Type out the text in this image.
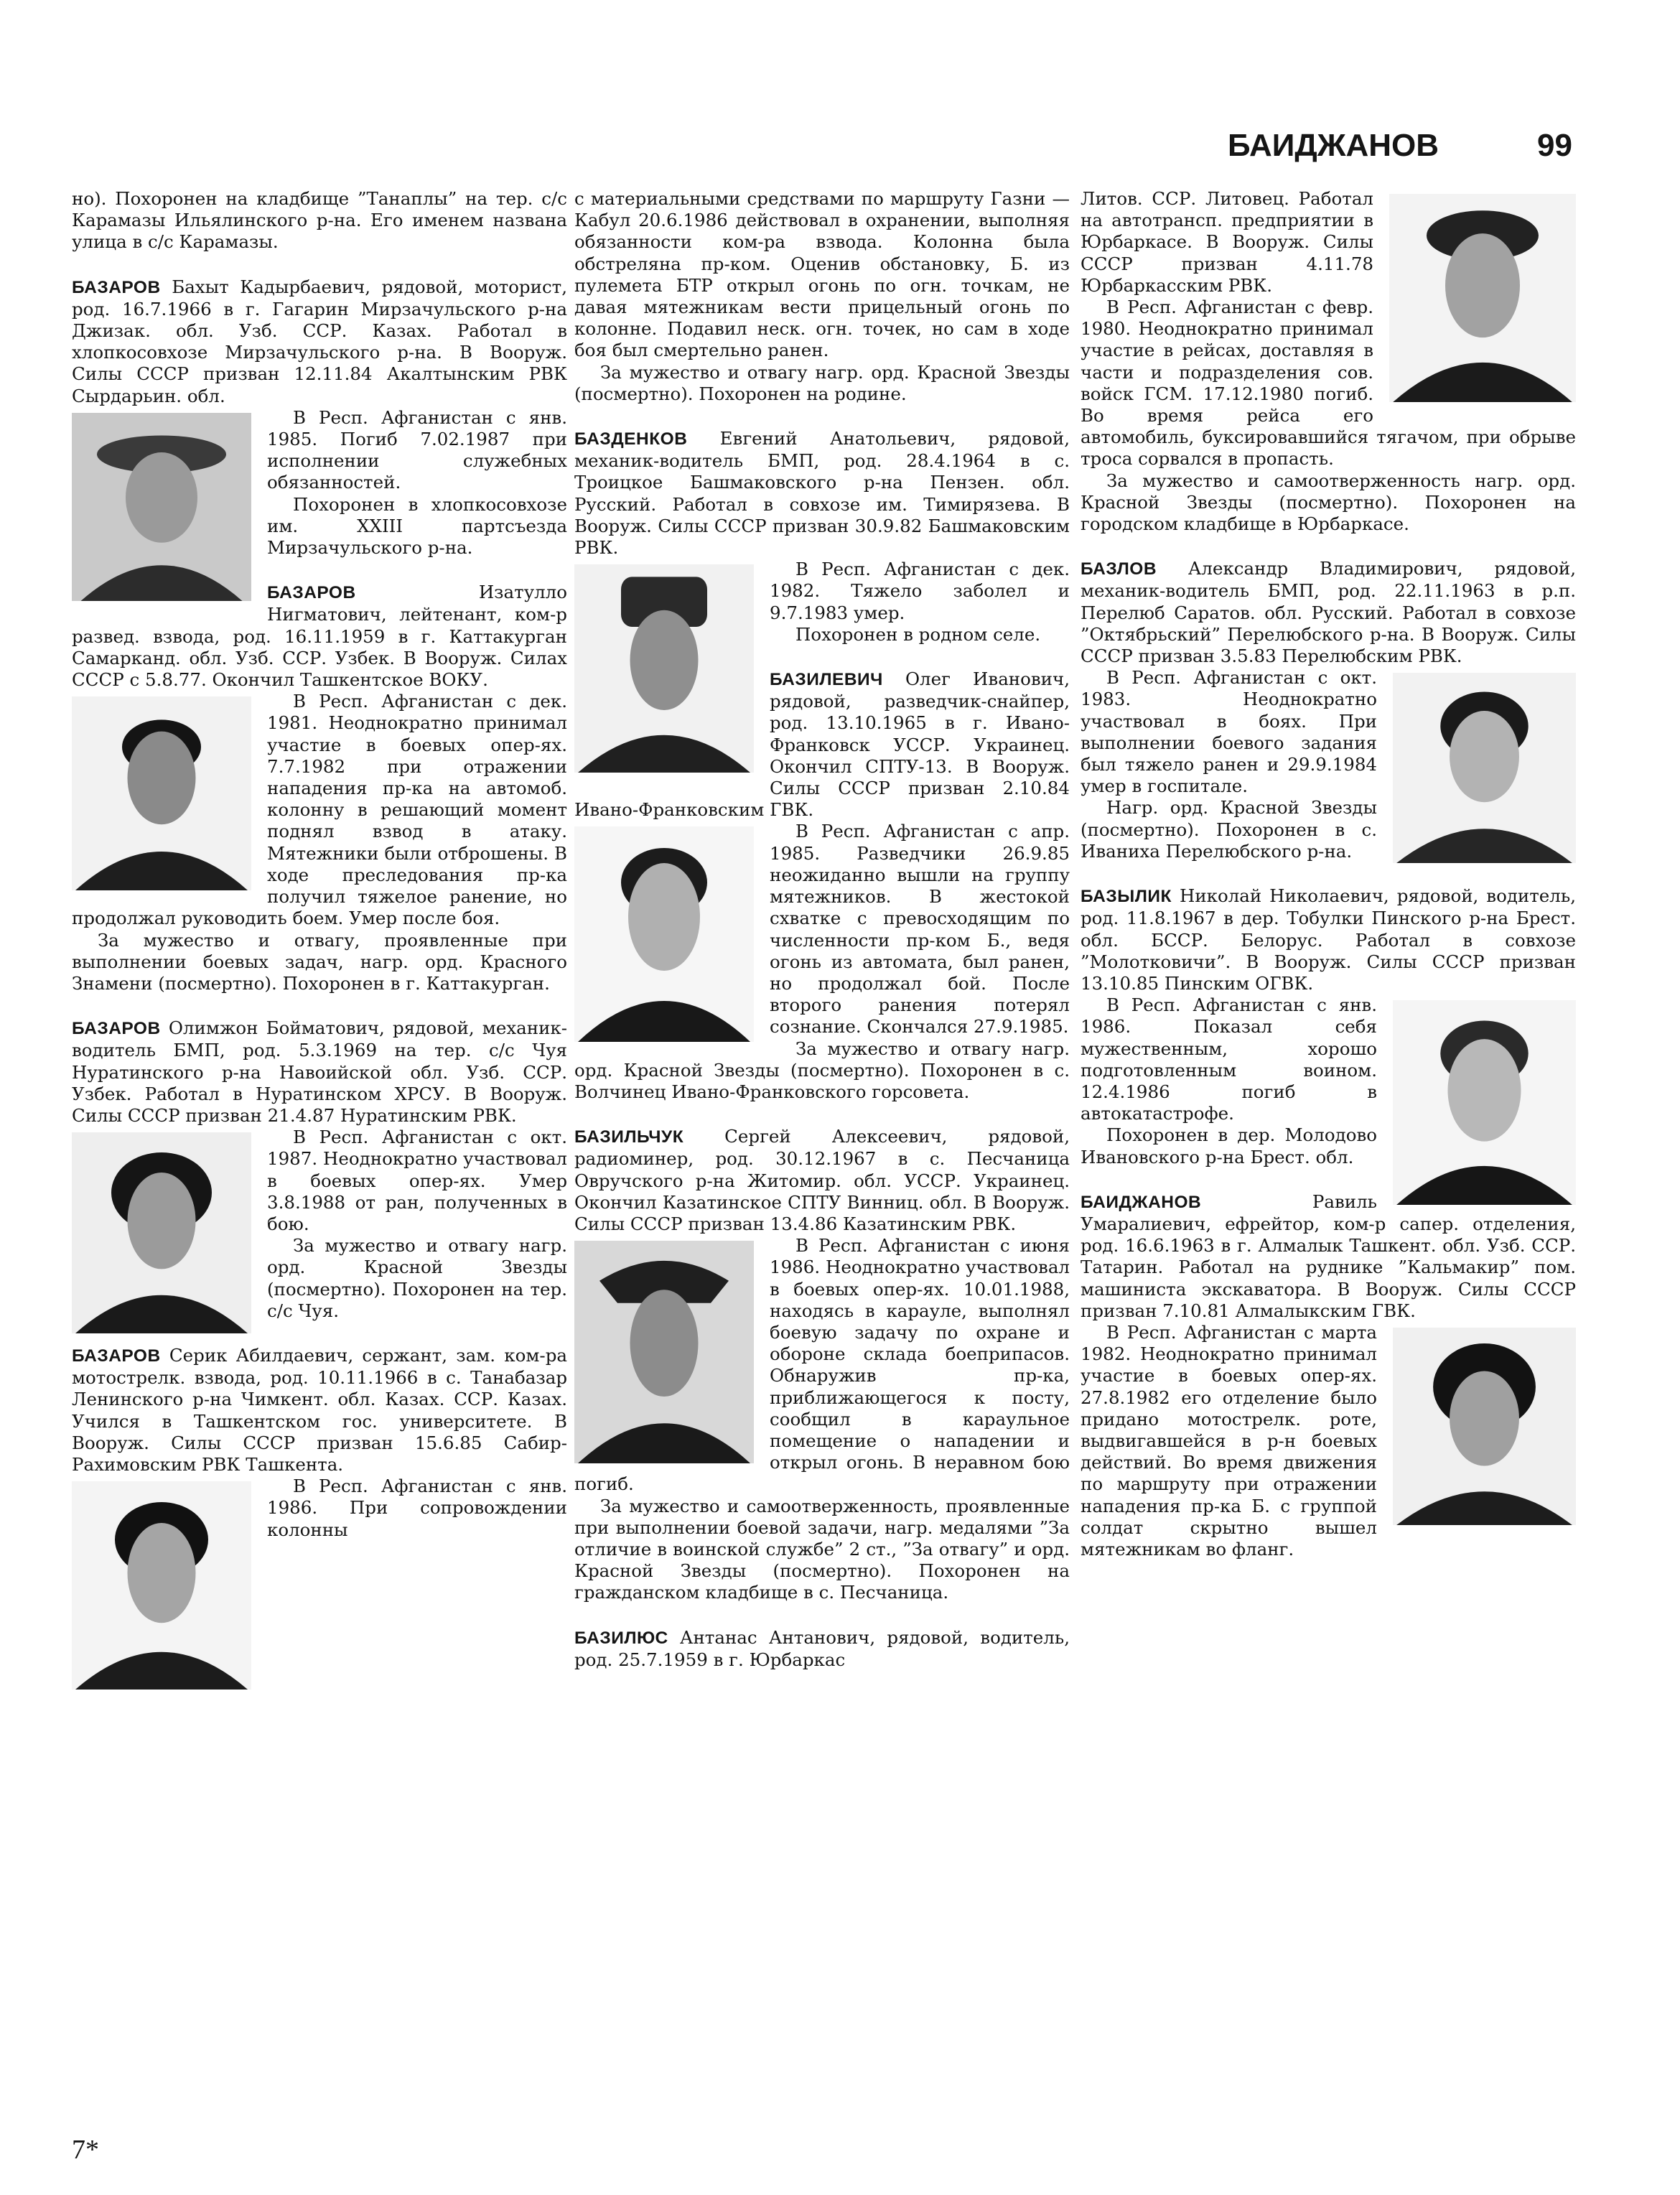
БАИДЖАНОВ	99

но). Похоронен на кладбище ”Танаплы” на тер. с/с Карамазы Ильялинского р-на. Его именем названа улица в с/с Карамазы.

БАЗАРОВ Бахыт Кадырбаевич, рядовой, моторист, род. 16.7.1966 в г. Гагарин Мирзачульского р-на Джизак. обл. Узб. ССР. Казах. Работал в хлопкосовхозе Мирзачульского р-на. В Вооруж. Силы СССР призван 12.11.84 Акалтынским РВК Сырдарьин. обл.

В Респ. Афганистан с янв. 1985. Погиб 7.02.1987 при исполнении служебных обязанностей.

Похоронен в хлопкосовхозе им. XXIII партсъезда Мирзачульского р-на.

БАЗАРОВ	Изатулло Нигматович, лейтенант, ком-р развед. взвода, род. 16.11.1959 в г. Каттакурган Самарканд. обл. Узб. ССР. Узбек. В Вооруж. Силах СССР с 5.8.77. Окончил Ташкентское ВОКУ.

В Респ. Афганистан с дек. 1981. Неоднократно принимал участие в боевых опер-ях. 7.7.1982 при отражении нападения пр-ка на автомоб. колонну в решающий момент поднял взвод в атаку. Мятежники были отброшены. В ходе преследования пр-ка получил тяжелое ранение, но продолжал руководить боем. Умер после боя.

За мужество и отвагу, проявленные при выполнении боевых задач, нагр. орд. Красного Знамени (посмертно). Похоронен в г. Каттакурган.

БАЗАРОВ Олимжон Бойматович, рядовой, механик-водитель БМП, род. 5.3.1969 на тер. с/с Чуя Нуратинского р-на Навоийской обл. Узб. ССР. Узбек. Работал в Нуратинском ХРСУ. В Вооруж. Силы СССР призван 21.4.87 Нуратинским РВК.

В Респ. Афганистан с окт. 1987. Неоднократно участвовал в боевых опер-ях. Умер 3.8.1988 от ран, полученных в бою.

За мужество и отвагу нагр. орд. Красной Звезды (посмертно). Похоронен на тер. с/с Чуя.

БАЗАРОВ Серик Абилдаевич, сержант, зам. ком-ра мотострелк. взвода, род. 10.11.1966 в с. Танабазар Ленинского р-на Чимкент. обл. Казах. ССР. Казах. Учился в Ташкентском гос. университете. В Вооруж. Силы СССР призван 15.6.85 Сабир-Рахимовским РВК Ташкента.

В Респ. Афганистан с янв. 1986. При сопровождении колонны

с материальными средствами по маршруту Газни — Кабул 20.6.1986 действовал в охранении, выполняя обязанности ком-ра взвода. Колонна была обстреляна пр-ком. Оценив обстановку, Б. из пулемета БТР открыл огонь по огн. точкам, не давая мятежникам вести прицельный огонь по колонне. Подавил неск. огн. точек, но сам в ходе боя был смертельно ранен.

За мужество и отвагу нагр. орд. Красной Звезды (посмертно). Похоронен на родине.

БАЗДЕНКОВ Евгений Анатольевич, рядовой, механик-водитель БМП, род. 28.4.1964 в с. Троицкое Башмаковского р-на Пензен. обл. Русский. Работал в совхозе им. Тимирязева. В Вооруж. Силы СССР призван 30.9.82 Башмаковским РВК.

В Респ. Афганистан с дек. 1982. Тяжело заболел и 9.7.1983 умер.

Похоронен в родном селе.

БАЗИЛЕВИЧ Олег Иванович, рядовой, разведчик-снайпер, род. 13.10.1965 в г. Ивано-Франковск УССР. Украинец. Окончил СПТУ-13. В Вооруж. Силы СССР призван 2.10.84 Ивано-Франковским ГВК.

В Респ. Афганистан с апр. 1985. Разведчики 26.9.85 неожиданно вышли на группу мятежников. В жестокой схватке с превосходящим по численности пр-ком Б., ведя огонь из автомата, был ранен, но продолжал бой. После второго ранения потерял сознание. Скончался 27.9.1985.

За мужество и отвагу нагр. орд. Красной Звезды (посмертно). Похоронен в с. Волчинец Ивано-Франковского горсовета.

БАЗИЛЬЧУК Сергей Алексеевич, рядовой, радиоминер, род. 30.12.1967 в с. Песчаница Овручского р-на Житомир. обл. УССР. Украинец. Окончил Казатинское СПТУ Винниц. обл. В Вооруж. Силы СССР призван 13.4.86 Казатинским РВК.

В Респ. Афганистан с июня 1986. Неоднократно участвовал в боевых опер-ях. 10.01.1988, находясь в карауле, выполнял боевую задачу по охране и обороне склада боеприпасов. Обнаружив пр-ка, приближающегося к посту, сообщил в караульное помещение о нападении и открыл огонь. В неравном бою погиб.

За мужество и самоотверженность, проявленные при выполнении боевой задачи, нагр. медалями ”За отличие в воинской службе” 2 ст., ”За отвагу” и орд. Красной Звезды (посмертно). Похоронен на гражданском кладбище в с. Песчаница.

БАЗИЛЮС Антанас Антанович, рядовой, водитель, род. 25.7.1959 в г. Юрбаркас

Литов. ССР. Литовец. Работал на автотрансп. предприятии в Юрбаркасе. В Вооруж. Силы СССР призван 4.11.78 Юрбаркасским РВК.

В Респ. Афганистан с февр. 1980. Неоднократно принимал участие в рейсах, доставляя в части и подразделения сов. войск ГСМ. 17.12.1980 погиб. Во время рейса его автомобиль, буксировавшийся тягачом, при обрыве троса сорвался в пропасть.

За мужество и самоотверженность нагр. орд. Красной Звезды (посмертно). Похоронен на городском кладбище в Юрбаркасе.

БАЗЛОВ Александр Владимирович, рядовой, механик-водитель БМП, род. 22.11.1963 в р.п. Перелюб Саратов. обл. Русский. Работал в совхозе ”Октябрьский” Перелюбского р-на. В Вооруж. Силы СССР призван 3.5.83 Перелюбским РВК.

В Респ. Афганистан с окт. 1983. Неоднократно участвовал в боях. При выполнении боевого задания был тяжело ранен и 29.9.1984 умер в госпитале.

Нагр. орд. Красной Звезды (посмертно). Похоронен в с. Иваниха Перелюбского р-на.

БАЗЫЛИК Николай Николаевич, рядовой, водитель, род. 11.8.1967 в дер. Тобулки Пинского р-на Брест. обл. БССР. Белорус. Работал в совхозе ”Молотковичи”. В Вооруж. Силы СССР призван 13.10.85 Пинским ОГВК.

В Респ. Афганистан с янв. 1986. Показал себя мужественным, хорошо подготовленным воином. 12.4.1986 погиб в автокатастрофе.

Похоронен в дер. Молодово Ивановского р-на Брест. обл.

БАИДЖАНОВ	Равиль Умаралиевич, ефрейтор, ком-р сапер. отделения, род. 16.6.1963 в г. Алмалык Ташкент. обл. Узб. ССР. Татарин. Работал на руднике ”Кальмакир” пом. машиниста экскаватора. В Вооруж. Силы СССР призван 7.10.81 Алмалыкским ГВК.

В Респ. Афганистан с марта 1982. Неоднократно принимал участие в боевых опер-ях. 27.8.1982 его отделение было придано мотострелк. роте, выдвигавшейся в р-н боевых действий. Во время движения по маршруту при отражении нападения пр-ка Б. с группой солдат скрытно вышел мятежникам во фланг.

7*
